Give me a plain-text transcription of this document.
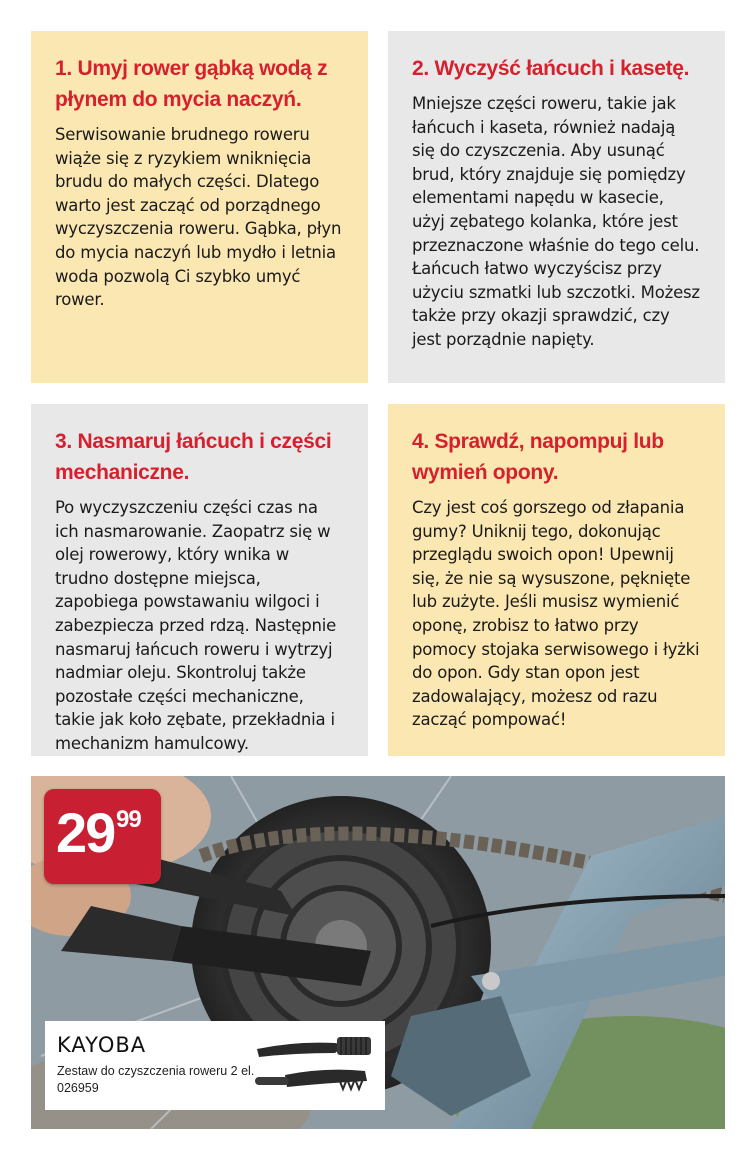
1. Umyj rower gąbką wodą z płynem do mycia naczyń.

Serwisowanie brudnego roweru wiąże się z ryzykiem wniknięcia brudu do małych części. Dlatego warto jest zacząć od porządnego wyczyszczenia roweru. Gąbka, płyn do mycia naczyń lub mydło i letnia woda pozwolą Ci szybko umyć rower.

2. Wyczyść łańcuch i kasetę.

Mniejsze części roweru, takie jak łańcuch i kaseta, również nadają się do czyszczenia. Aby usunąć brud, który znajduje się pomiędzy elementami napędu w kasecie, użyj zębatego kolanka, które jest przeznaczone właśnie do tego celu. Łańcuch łatwo wyczyścisz przy użyciu szmatki lub szczotki. Możesz także przy okazji sprawdzić, czy jest porządnie napięty.

3. Nasmaruj łańcuch i części mechaniczne.

Po wyczyszczeniu części czas na ich nasmarowanie. Zaopatrz się w olej rowerowy, który wnika w trudno dostępne miejsca, zapobiega powstawaniu wilgoci i zabezpiecza przed rdzą. Następnie nasmaruj łańcuch roweru i wytrzyj nadmiar oleju. Skontroluj także pozostałe części mechaniczne, takie jak koło zębate, przekładnia i mechanizm hamulcowy.

4. Sprawdź, napompuj lub wymień opony.

Czy jest coś gorszego od złapania gumy? Uniknij tego, dokonując przeglądu swoich opon! Upewnij się, że nie są wysuszone, pęknięte lub zużyte. Jeśli musisz wymienić oponę, zrobisz to łatwo przy pomocy stojaka serwisowego i łyżki do opon. Gdy stan opon jest zadowalający, możesz od razu zacząć pompować!

29 99
KAYOBA
Zestaw do czyszczenia roweru 2 el.
026959
